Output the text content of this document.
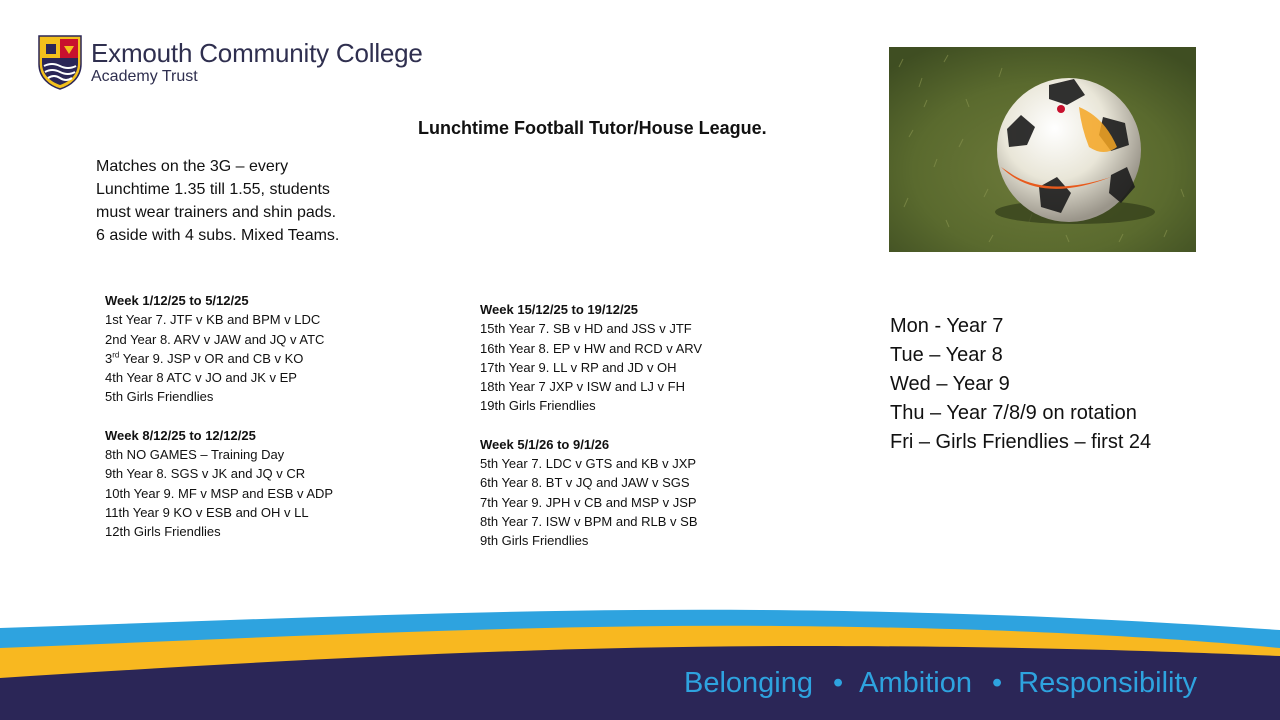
Exmouth Community College
Academy Trust
Lunchtime Football Tutor/House League.
Matches on the 3G – every
Lunchtime 1.35 till 1.55, students
must wear trainers and shin pads.
6 aside with 4 subs. Mixed Teams.
Week 1/12/25 to 5/12/25
1st Year 7. JTF v KB and BPM v LDC
2nd Year 8. ARV v JAW and JQ v ATC
3rd Year 9. JSP v OR and CB v KO
4th Year 8 ATC v JO and JK v EP
5th Girls Friendlies
Week 8/12/25 to 12/12/25
8th NO GAMES – Training Day
9th Year 8. SGS v JK and JQ v CR
10th Year 9. MF v MSP and ESB v ADP
11th Year 9 KO v ESB and OH v LL
12th Girls Friendlies
Week 15/12/25 to 19/12/25
15th Year 7. SB v HD and JSS v JTF
16th Year 8. EP v HW and RCD v ARV
17th Year 9. LL v RP and JD v OH
18th Year 7 JXP v ISW and LJ v FH
19th Girls Friendlies
Week 5/1/26 to 9/1/26
5th Year 7. LDC v GTS and KB v JXP
6th Year 8. BT v JQ and JAW v SGS
7th Year 9. JPH v CB and MSP v JSP
8th Year 7. ISW v BPM and RLB v SB
9th Girls Friendlies
Mon - Year 7
Tue – Year 8
Wed – Year 9
Thu – Year 7/8/9 on rotation
Fri – Girls Friendlies – first 24
Belonging • Ambition • Responsibility
